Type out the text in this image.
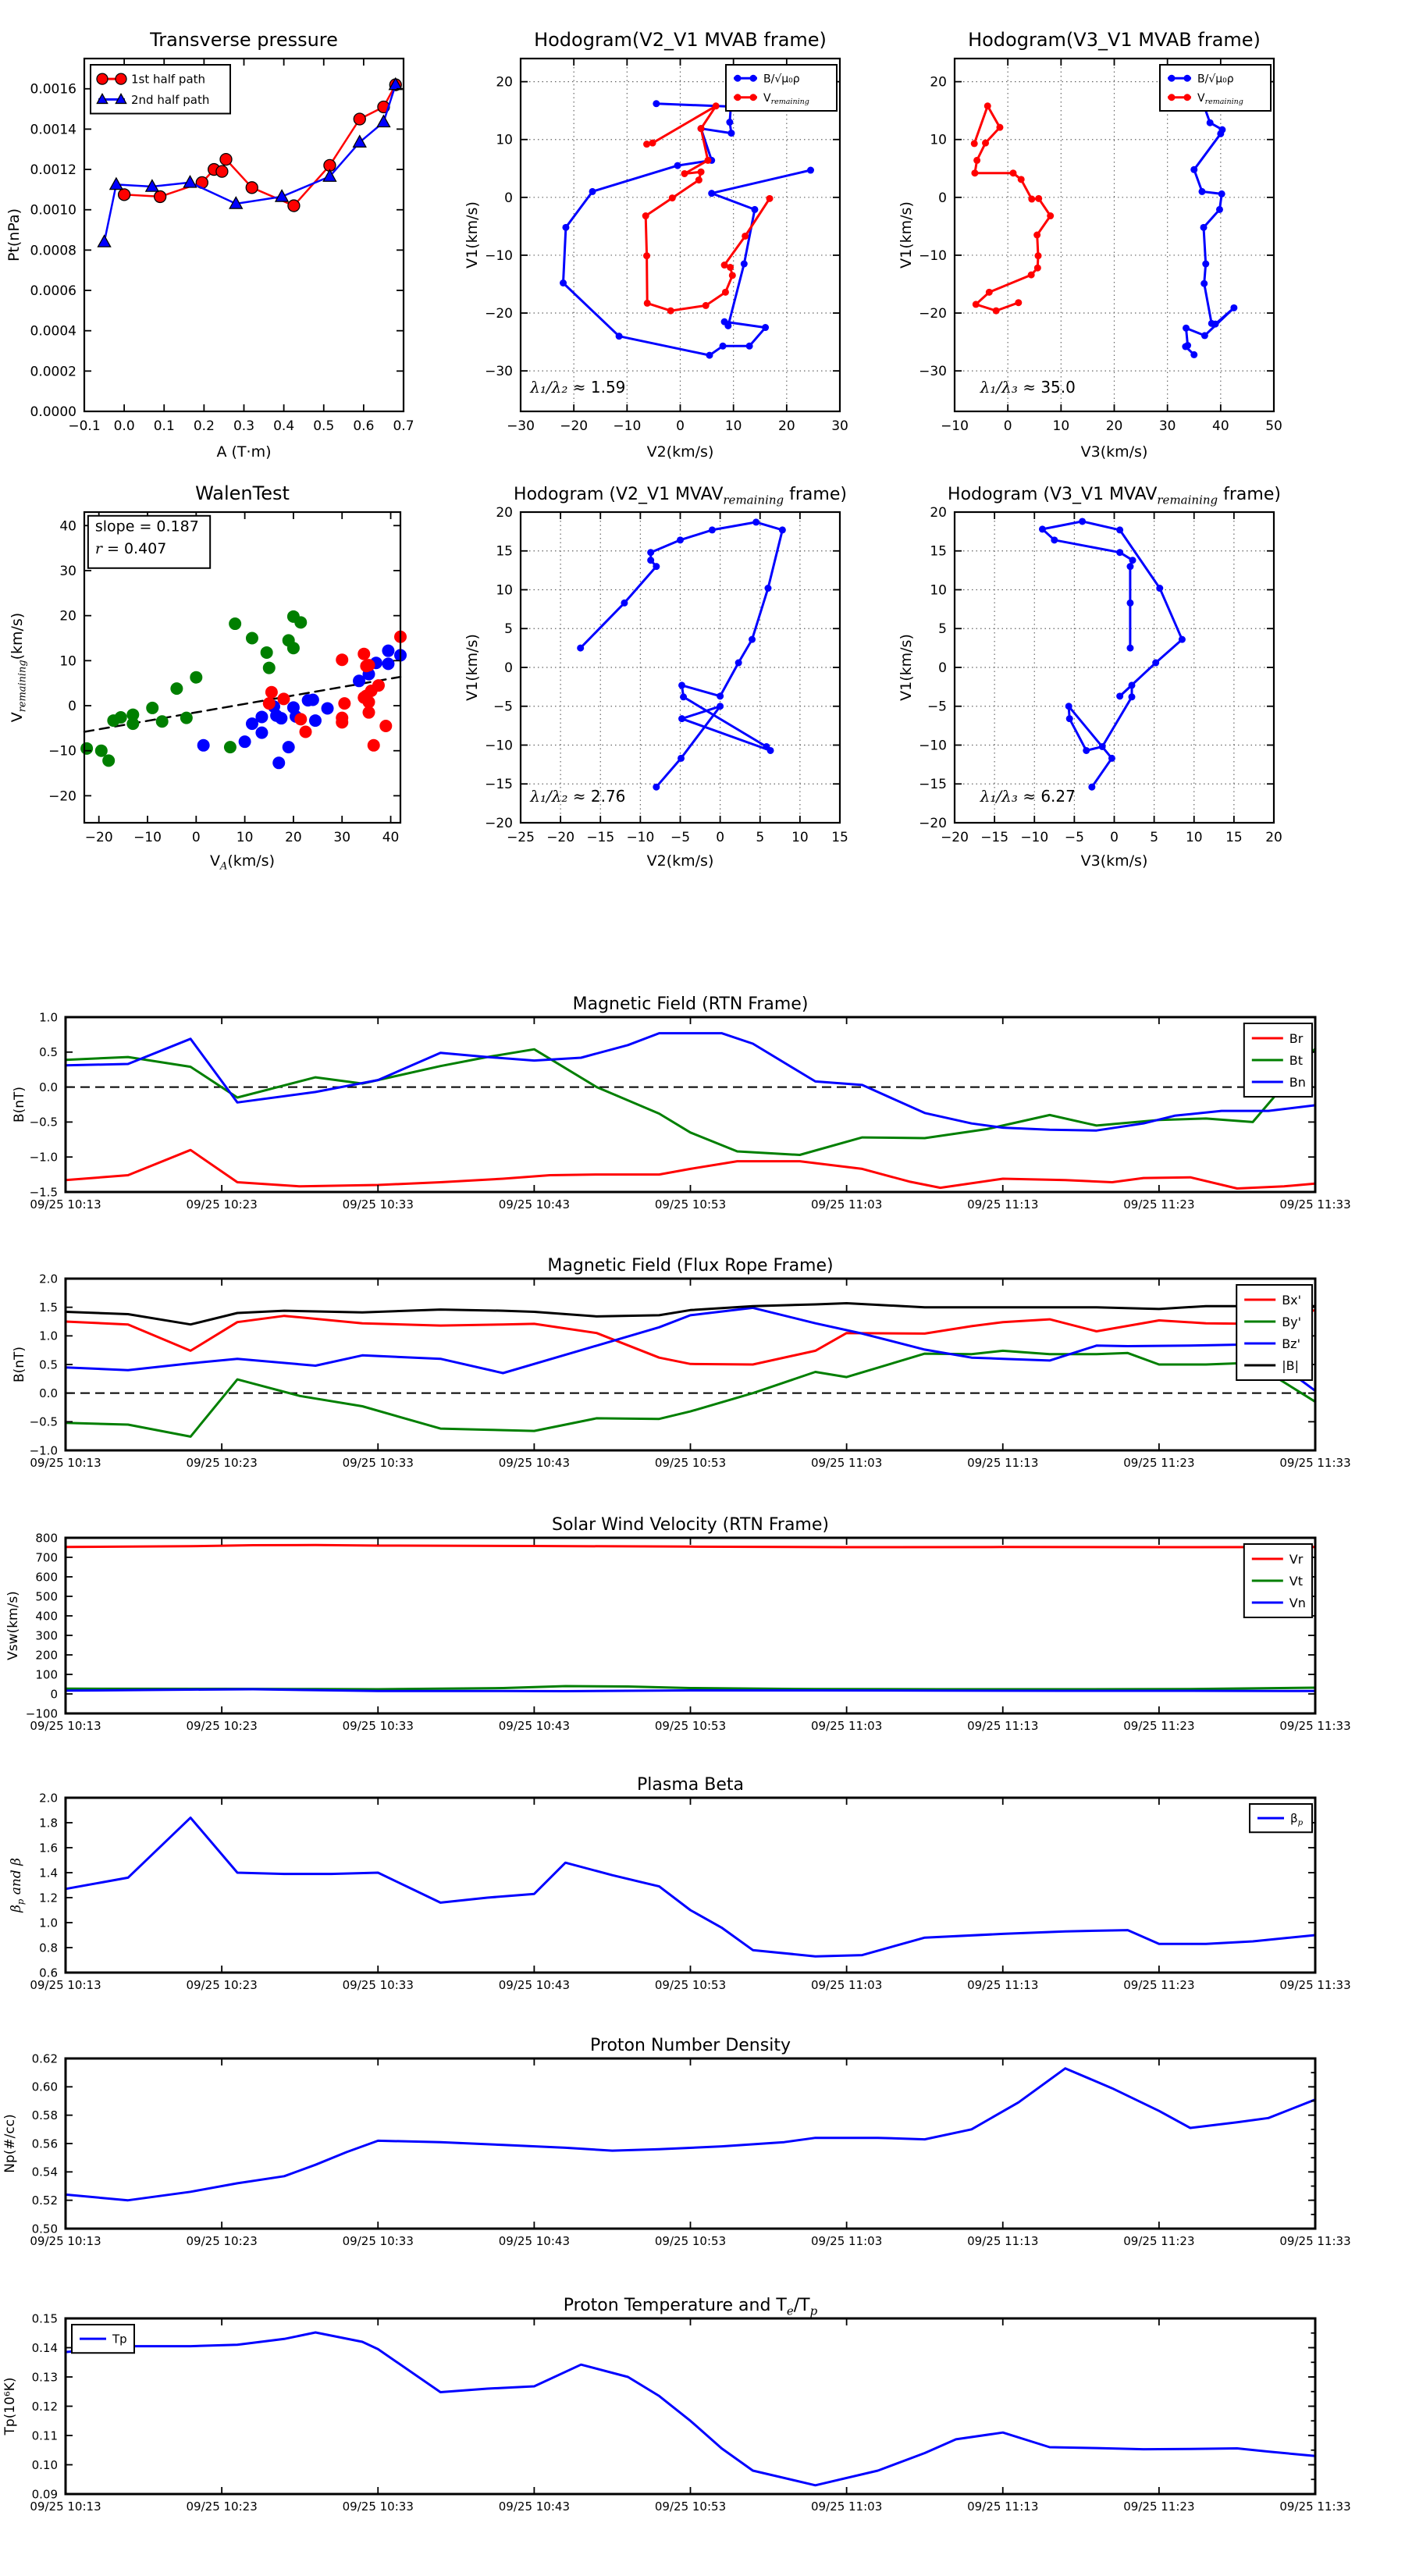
−0.1 0.0 0.1 0.2 0.3 0.4 0.5 0.6 0.7
0.0000
0.0002
0.0004
0.0006
0.0008
0.0010
0.0012
0.0014
0.0016
Transverse pressure
A (T·m)
Pt(nPa)
1st half path
2nd half path
−30 −20 −10	0	10	20	30
−30
−20
−10
0
10
20
Hodogram(V2_V1 MVAB frame)
V2(km/s)
V1(km/s)
B/√μ₀ρ
$V_{remaining}$
λ₁/λ₂ ≈ 1.59
−10	0	10	20	30	40	50
−30
−20
−10
0
10
20
Hodogram(V3_V1 MVAB frame)
V3(km/s)
V1(km/s)
B/√μ₀ρ
$V_{remaining}$
λ₁/λ₃ ≈ 35.0
−20 −10 0	10 20 30 40
−20
−10
0
10
20
30
40
WalenTest
$V_A(km/s)$
$V_{remaining}(km/s)$
slope = 0.187
r = 0.407
−25 −20 −15 −10 −5 0 5 10 15
−20
−15
−10
−5
0
5
10
15
20
Hodogram (V2_V1 $MVAV_{remaining}$ frame)
V2(km/s)
V1(km/s)
λ₁/λ₂ ≈ 2.76
−20 −15 −10 −5 0 5 10 15 20
−20
−15
−10
−5
0
5
10
15
20
Hodogram (V3_V1 $MVAV_{remaining}$ frame)
V3(km/s)
V1(km/s)
λ₁/λ₃ ≈ 6.27
09/25 10:13	09/25 10:23	09/25 10:33	09/25 10:43	09/25 10:53	09/25 11:03	09/25 11:13	09/25 11:23	09/25 11:33
−1.5
−1.0
−0.5
0.0
0.5
1.0
Magnetic Field (RTN Frame)
B(nT)
Br
Bt
Bn
09/25 10:13	09/25 10:23	09/25 10:33	09/25 10:43	09/25 10:53	09/25 11:03	09/25 11:13	09/25 11:23	09/25 11:33
−1.0
−0.5
0.0
0.5
1.0
1.5
2.0
Magnetic Field (Flux Rope Frame)
B(nT)
Bx'
By'
Bz'
|B|
09/25 10:13	09/25 10:23	09/25 10:33	09/25 10:43	09/25 10:53	09/25 11:03	09/25 11:13	09/25 11:23	09/25 11:33
−100
0
100
200
300
400
500
600
700
800
Solar Wind Velocity (RTN Frame)
Vsw(km/s)
Vr
Vt
Vn
09/25 10:13	09/25 10:23	09/25 10:33	09/25 10:43	09/25 10:53	09/25 11:03	09/25 11:13	09/25 11:23	09/25 11:33
0.6
0.8
1.0
1.2
1.4
1.6
1.8
2.0
Plasma Beta
$\beta_p$ and β
$\beta_p$
09/25 10:13	09/25 10:23	09/25 10:33	09/25 10:43	09/25 10:53	09/25 11:03	09/25 11:13	09/25 11:23	09/25 11:33
0.50
0.52
0.54
0.56
0.58
0.60
0.62
Proton Number Density
Np(#/cc)
09/25 10:13	09/25 10:23	09/25 10:33	09/25 10:43	09/25 10:53	09/25 11:03	09/25 11:13	09/25 11:23	09/25 11:33
0.09
0.10
0.11
0.12
0.13
0.14
0.15
Proton Temperature and $T_e/T_p$
Tp(10⁶K)
Tp
